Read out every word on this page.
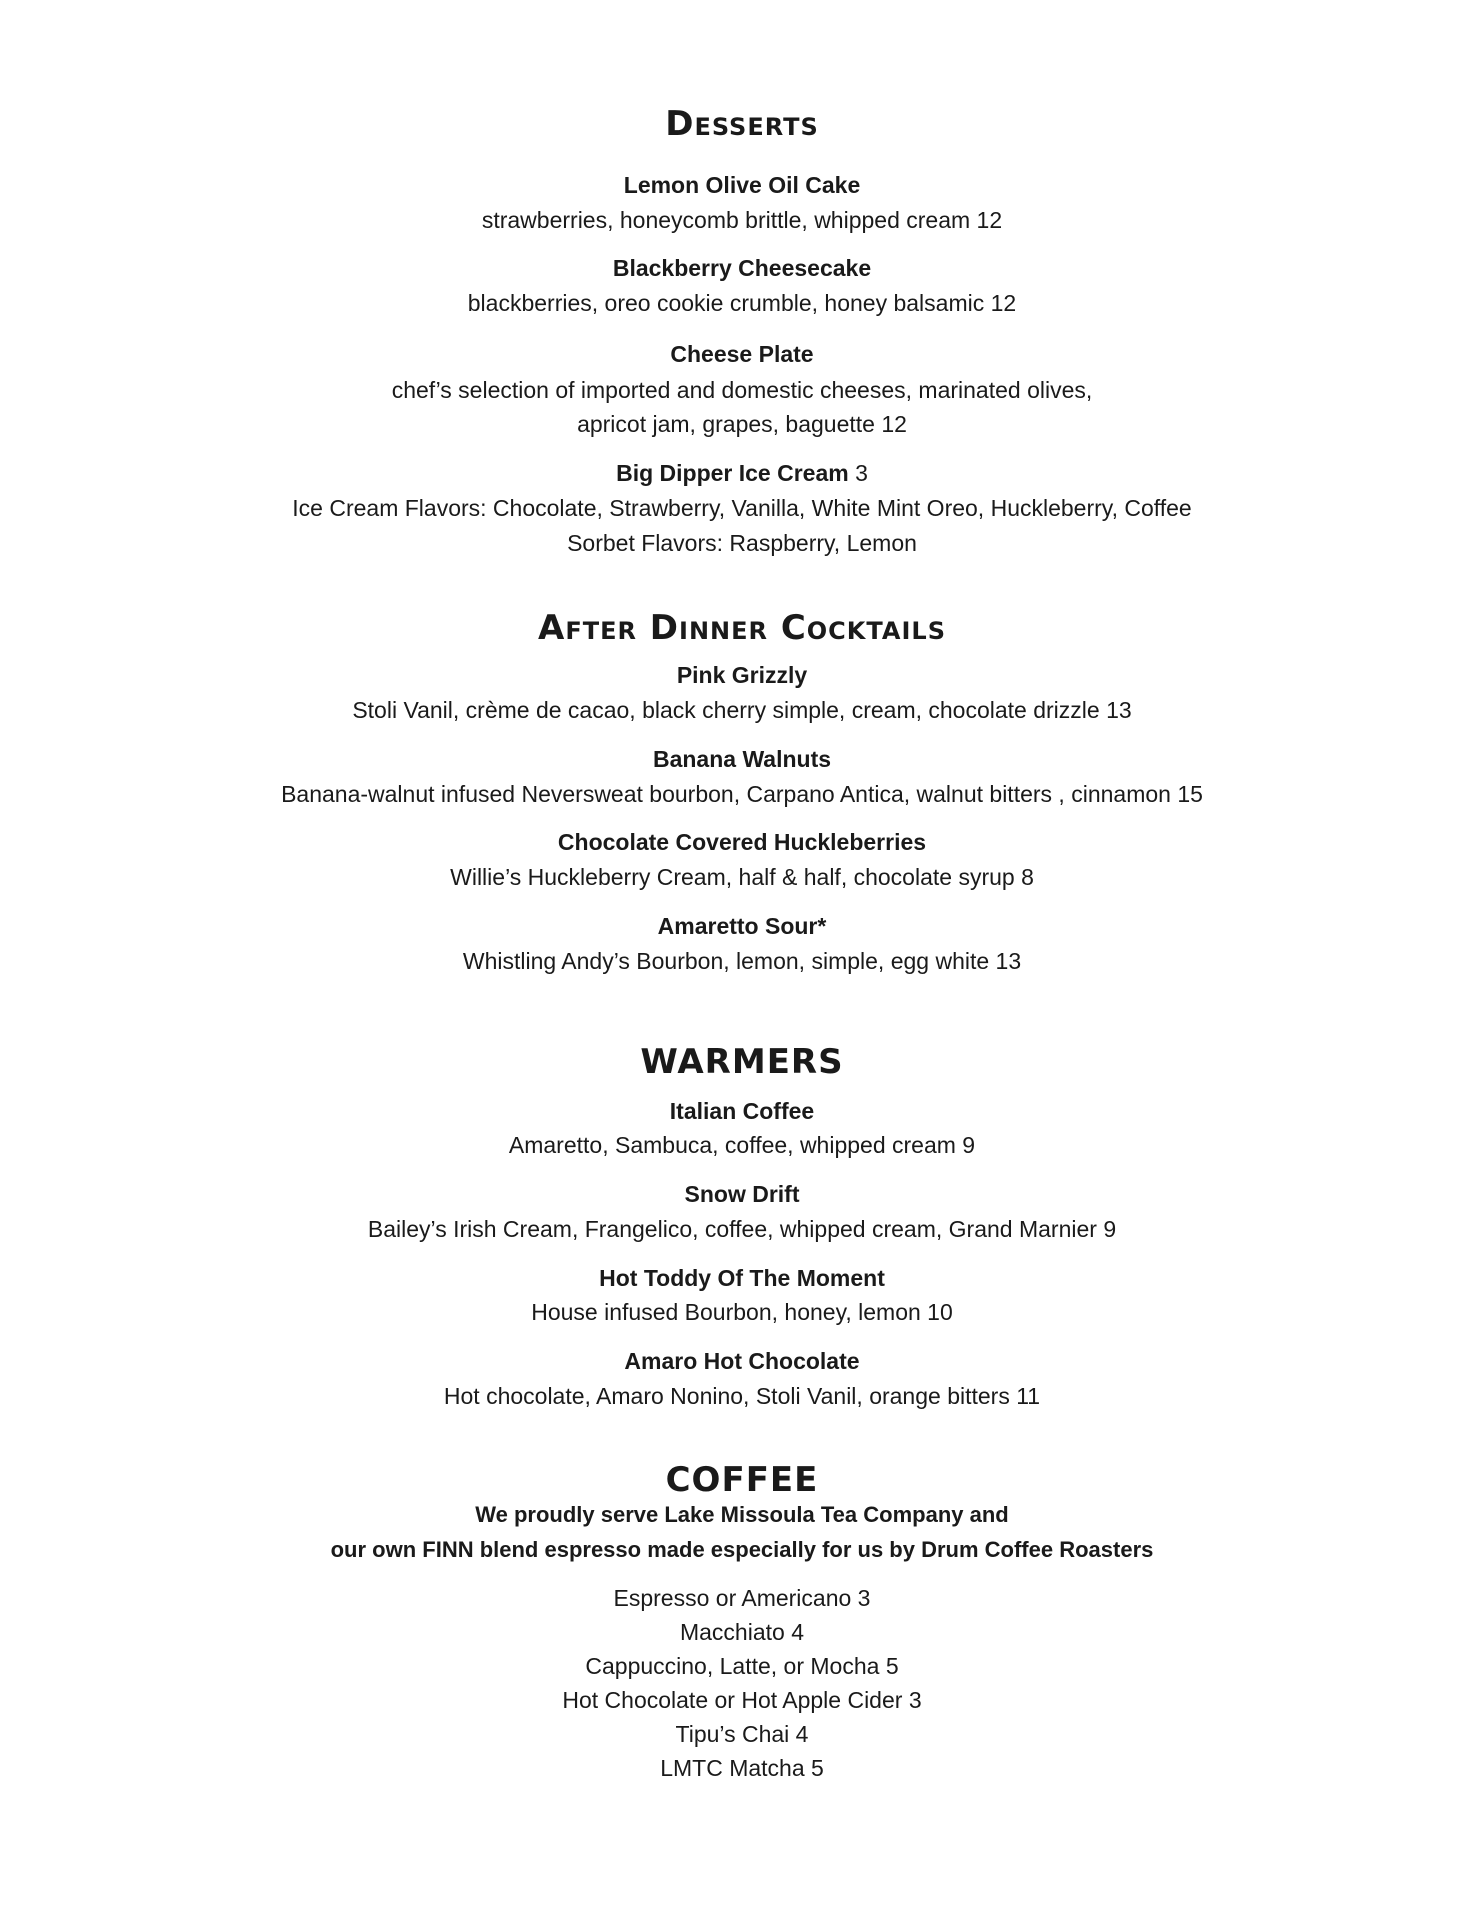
Desserts
Lemon Olive Oil Cake
strawberries, honeycomb brittle, whipped cream 12
Blackberry Cheesecake
blackberries, oreo cookie crumble, honey balsamic 12
Cheese Plate
chef’s selection of imported and domestic cheeses, marinated olives,
apricot jam, grapes, baguette 12
Big Dipper Ice Cream 3
Ice Cream Flavors: Chocolate, Strawberry, Vanilla, White Mint Oreo, Huckleberry, Coffee
Sorbet Flavors: Raspberry, Lemon
After Dinner Cocktails
Pink Grizzly
Stoli Vanil, crème de cacao, black cherry simple, cream, chocolate drizzle 13
Banana Walnuts
Banana-walnut infused Neversweat bourbon, Carpano Antica, walnut bitters , cinnamon 15
Chocolate Covered Huckleberries
Willie’s Huckleberry Cream, half & half, chocolate syrup 8
Amaretto Sour*
Whistling Andy’s Bourbon, lemon, simple, egg white 13
WARMERS
Italian Coffee
Amaretto, Sambuca, coffee, whipped cream 9
Snow Drift
Bailey’s Irish Cream, Frangelico, coffee, whipped cream, Grand Marnier 9
Hot Toddy Of The Moment
House infused Bourbon, honey, lemon 10
Amaro Hot Chocolate
Hot chocolate, Amaro Nonino, Stoli Vanil, orange bitters 11
COFFEE
We proudly serve Lake Missoula Tea Company and
our own FINN blend espresso made especially for us by Drum Coffee Roasters
Espresso or Americano 3
Macchiato 4
Cappuccino, Latte, or Mocha 5
Hot Chocolate or Hot Apple Cider 3
Tipu’s Chai 4
LMTC Matcha 5
